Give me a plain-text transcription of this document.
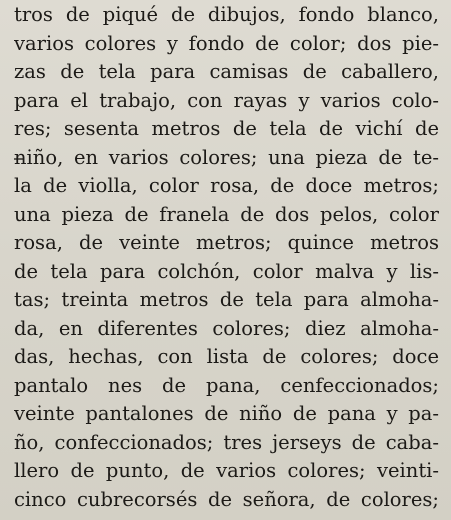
tros de piqué de dibujos, fondo blanco,
varios colores y fondo de color; dos pie-
zas de tela para camisas de caballero,
para el trabajo, con rayas y varios colo-
res; sesenta metros de tela de vichí de
niño, en varios colores; una pieza de te-
la de violla, color rosa, de doce metros;
una pieza de franela de dos pelos, color
rosa, de veinte metros; quince metros
de tela para colchón, color malva y lis-
tas; treinta metros de tela para almoha-
da, en diferentes colores; diez almoha-
das, hechas, con lista de colores; doce
pantalo nes de pana, cenfeccionados;
veinte pantalones de niño de pana y pa-
ño, confeccionados; tres jerseys de caba-
llero de punto, de varios colores; veinti-
cinco cubrecorsés de señora, de colores;
